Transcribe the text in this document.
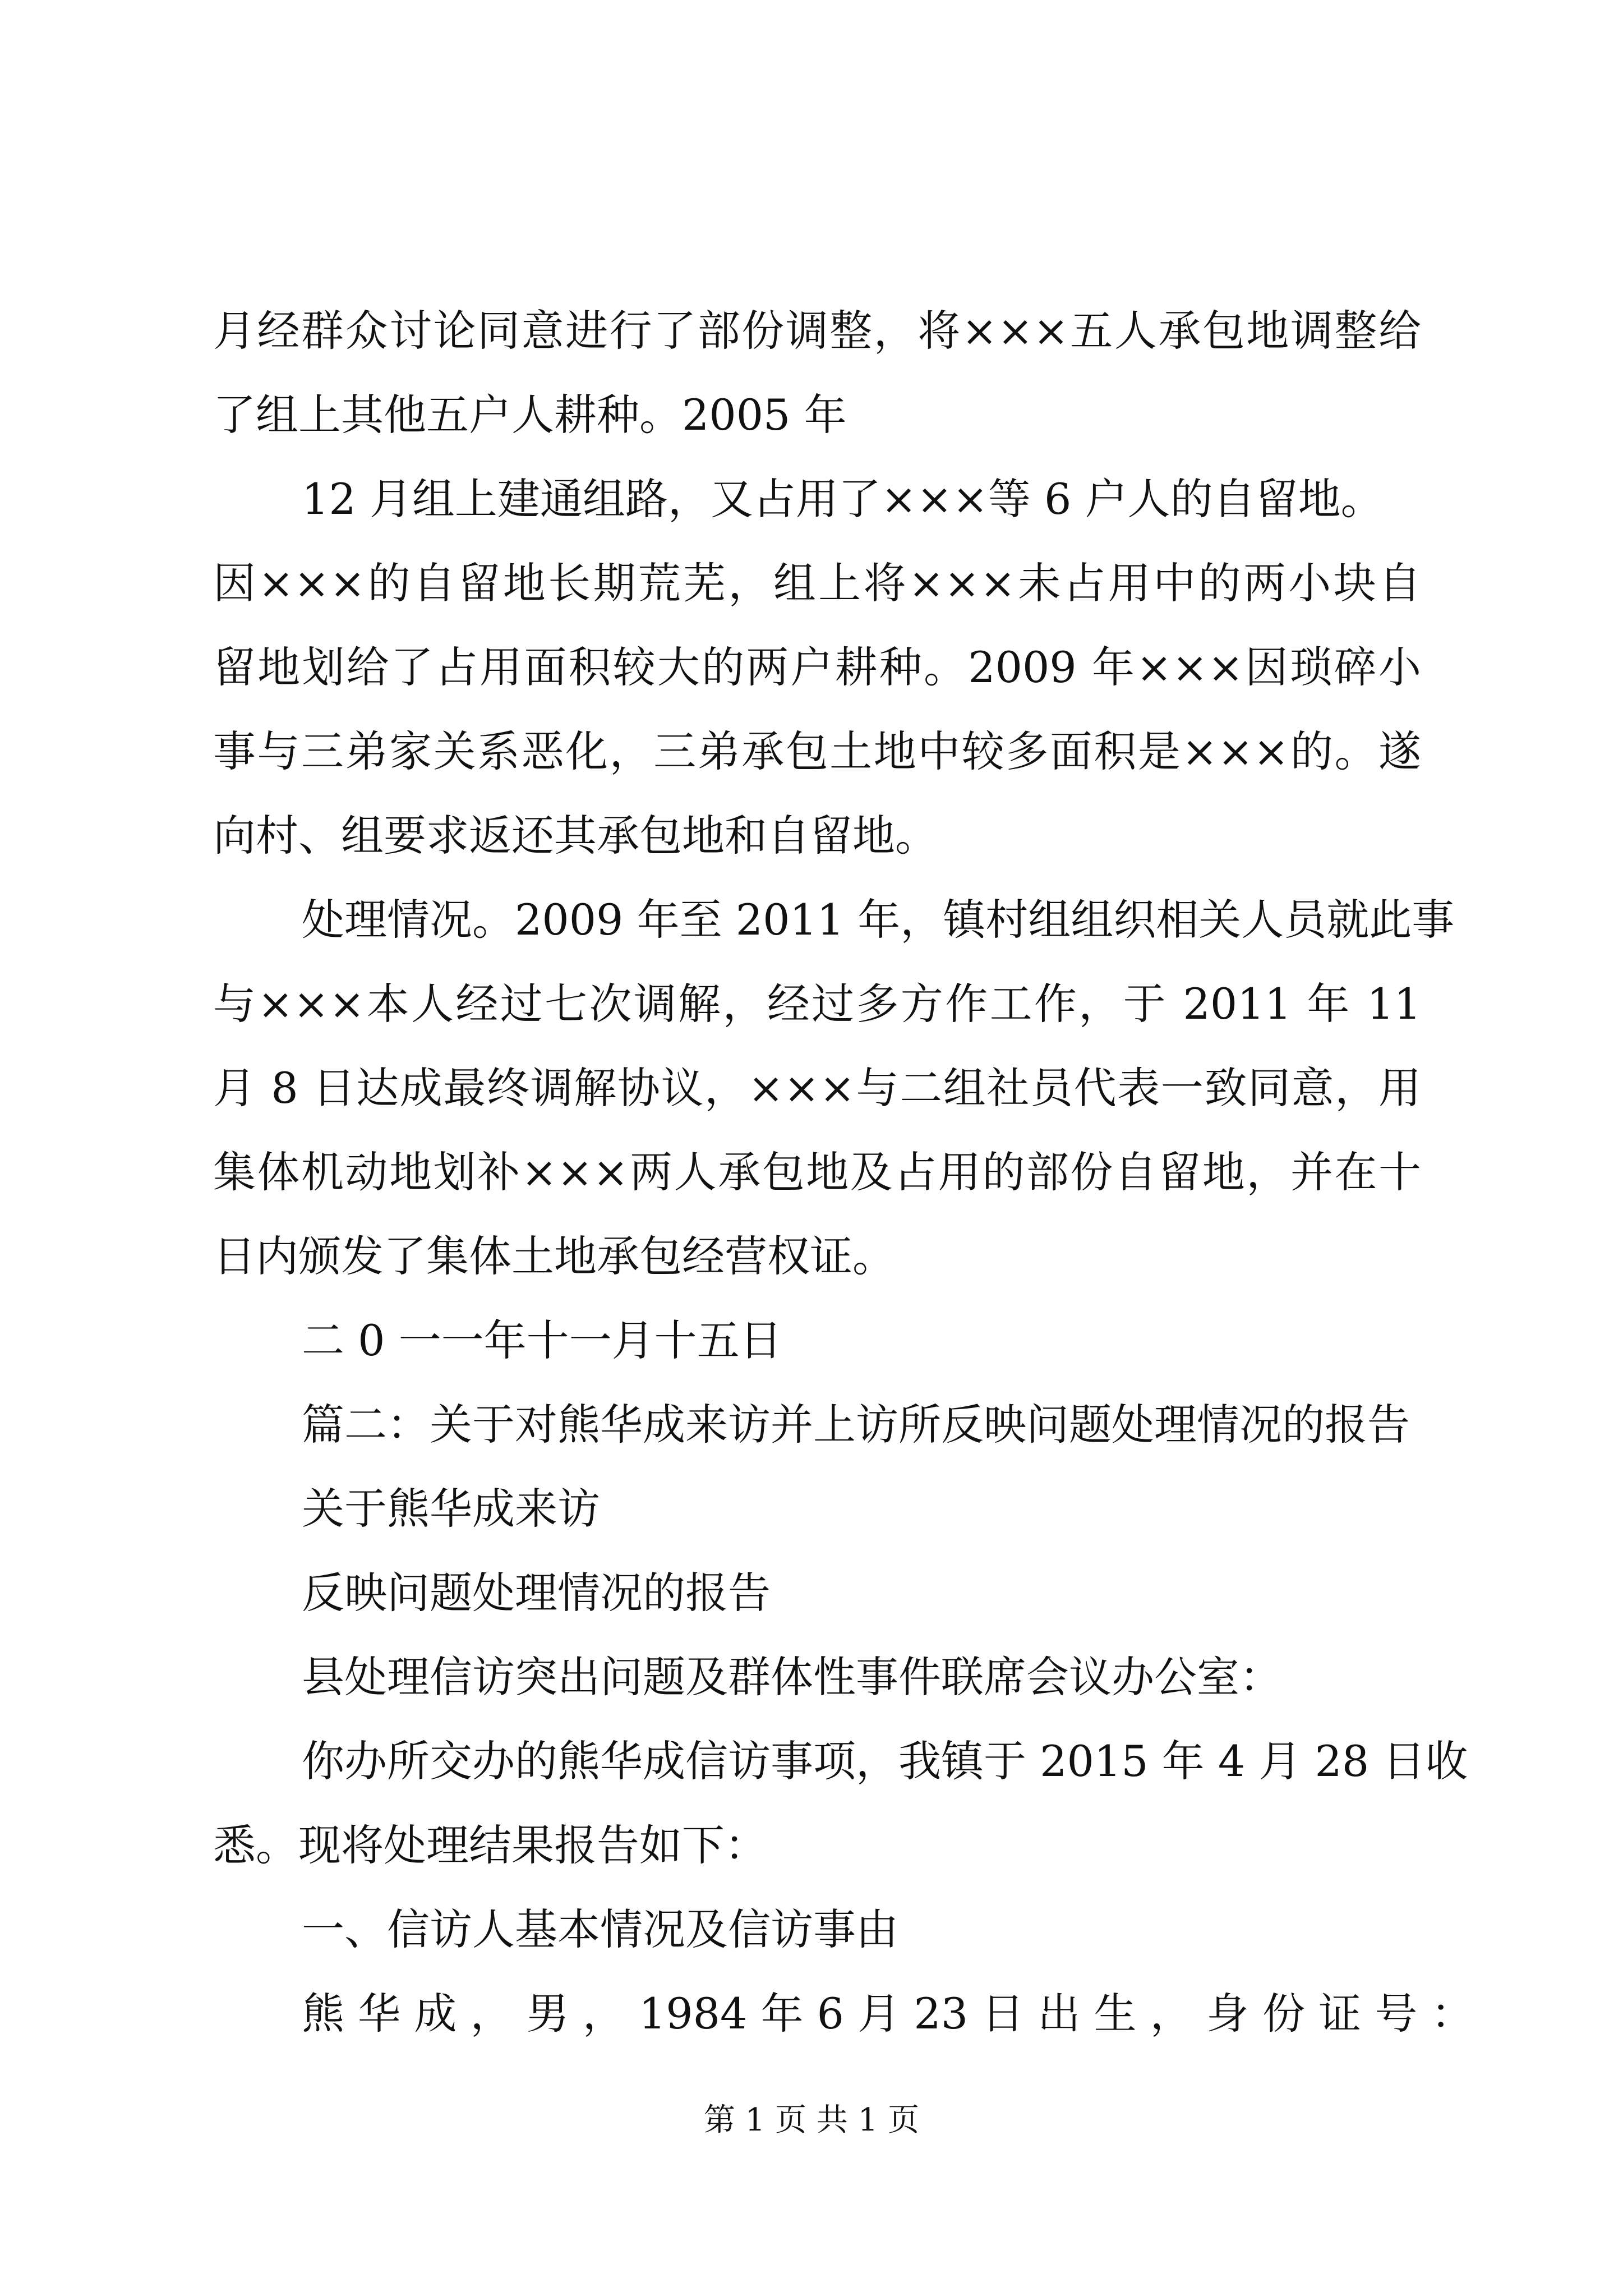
月经群众讨论同意进行了部份调整，将×××五人承包地调整给
了组上其他五户人耕种。2005 年
12 月组上建通组路，又占用了×××等 6 户人的自留地。
因×××的自留地长期荒芜，组上将×××未占用中的两小块自
留地划给了占用面积较大的两户耕种。2009 年×××因琐碎小
事与三弟家关系恶化，三弟承包土地中较多面积是×××的。遂
向村、组要求返还其承包地和自留地。
处理情况。2009 年至 2011 年，镇村组组织相关人员就此事
与×××本人经过七次调解，经过多方作工作，于 2011 年 11
月 8 日达成最终调解协议，×××与二组社员代表一致同意，用
集体机动地划补×××两人承包地及占用的部份自留地，并在十
日内颁发了集体土地承包经营权证。
二 0 一一年十一月十五日
篇二：关于对熊华成来访并上访所反映问题处理情况的报告
关于熊华成来访
反映问题处理情况的报告
县处理信访突出问题及群体性事件联席会议办公室：
你办所交办的熊华成信访事项，我镇于 2015 年 4 月 28 日收
悉。现将处理结果报告如下：
一、信访人基本情况及信访事由
熊 华 成 ， 男 ， 1984 年 6 月 23 日 出 生 ， 身 份 证 号 ：
第 1 页 共 1 页
